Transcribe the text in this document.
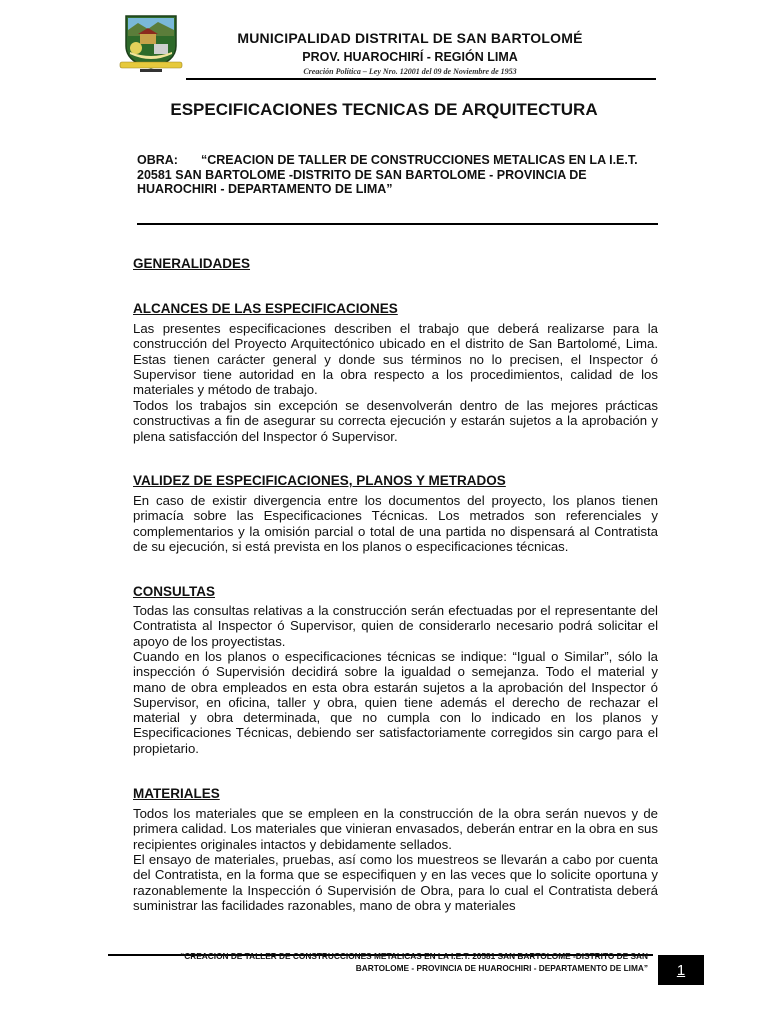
MUNICIPALIDAD DISTRITAL DE SAN BARTOLOMÉ
PROV. HUAROCHIRÍ - REGIÓN LIMA
Creación Política – Ley Nro. 12001 del 09 de Noviembre de 1953
ESPECIFICACIONES TECNICAS DE ARQUITECTURA
OBRA: “CREACION DE TALLER DE CONSTRUCCIONES METALICAS EN LA I.E.T. 20581 SAN BARTOLOME -DISTRITO DE SAN BARTOLOME - PROVINCIA DE HUAROCHIRI - DEPARTAMENTO DE LIMA”
GENERALIDADES
ALCANCES DE LAS ESPECIFICACIONES
Las presentes especificaciones describen el trabajo que deberá realizarse para la construcción del Proyecto Arquitectónico ubicado en el distrito de San Bartolomé, Lima. Estas tienen carácter general y donde sus términos no lo precisen, el Inspector ó Supervisor tiene autoridad en la obra respecto a los procedimientos, calidad de los materiales y método de trabajo.
Todos los trabajos sin excepción se desenvolverán dentro de las mejores prácticas constructivas a fin de asegurar su correcta ejecución y estarán sujetos a la aprobación y plena satisfacción del Inspector ó Supervisor.
VALIDEZ DE ESPECIFICACIONES, PLANOS Y METRADOS
En caso de existir divergencia entre los documentos del proyecto, los planos tienen primacía sobre las Especificaciones Técnicas. Los metrados son referenciales y complementarios y la omisión parcial o total de una partida no dispensará al Contratista de su ejecución, si está prevista en los planos o especificaciones técnicas.
CONSULTAS
Todas las consultas relativas a la construcción serán efectuadas por el representante del Contratista al Inspector ó Supervisor, quien de considerarlo necesario podrá solicitar el apoyo de los proyectistas.
Cuando en los planos o especificaciones técnicas se indique: “Igual o Similar”, sólo la inspección ó Supervisión decidirá sobre la igualdad o semejanza. Todo el material y mano de obra empleados en esta obra estarán sujetos a la aprobación del Inspector ó Supervisor, en oficina, taller y obra, quien tiene además el derecho de rechazar el material y obra determinada, que no cumpla con lo indicado en los planos y Especificaciones Técnicas, debiendo ser satisfactoriamente corregidos sin cargo para el propietario.
MATERIALES
Todos los materiales que se empleen en la construcción de la obra serán nuevos y de primera calidad. Los materiales que vinieran envasados, deberán entrar en la obra en sus recipientes originales intactos y debidamente sellados.
El ensayo de materiales, pruebas, así como los muestreos se llevarán a cabo por cuenta del Contratista, en la forma que se especifiquen y en las veces que lo solicite oportuna y razonablemente la Inspección ó Supervisión de Obra, para lo cual el Contratista deberá suministrar las facilidades razonables, mano de obra y materiales
“CREACION DE TALLER DE CONSTRUCCIONES METALICAS EN LA I.E.T. 20581 SAN BARTOLOME -DISTRITO DE SAN
BARTOLOME - PROVINCIA DE HUAROCHIRI - DEPARTAMENTO DE LIMA” 1
